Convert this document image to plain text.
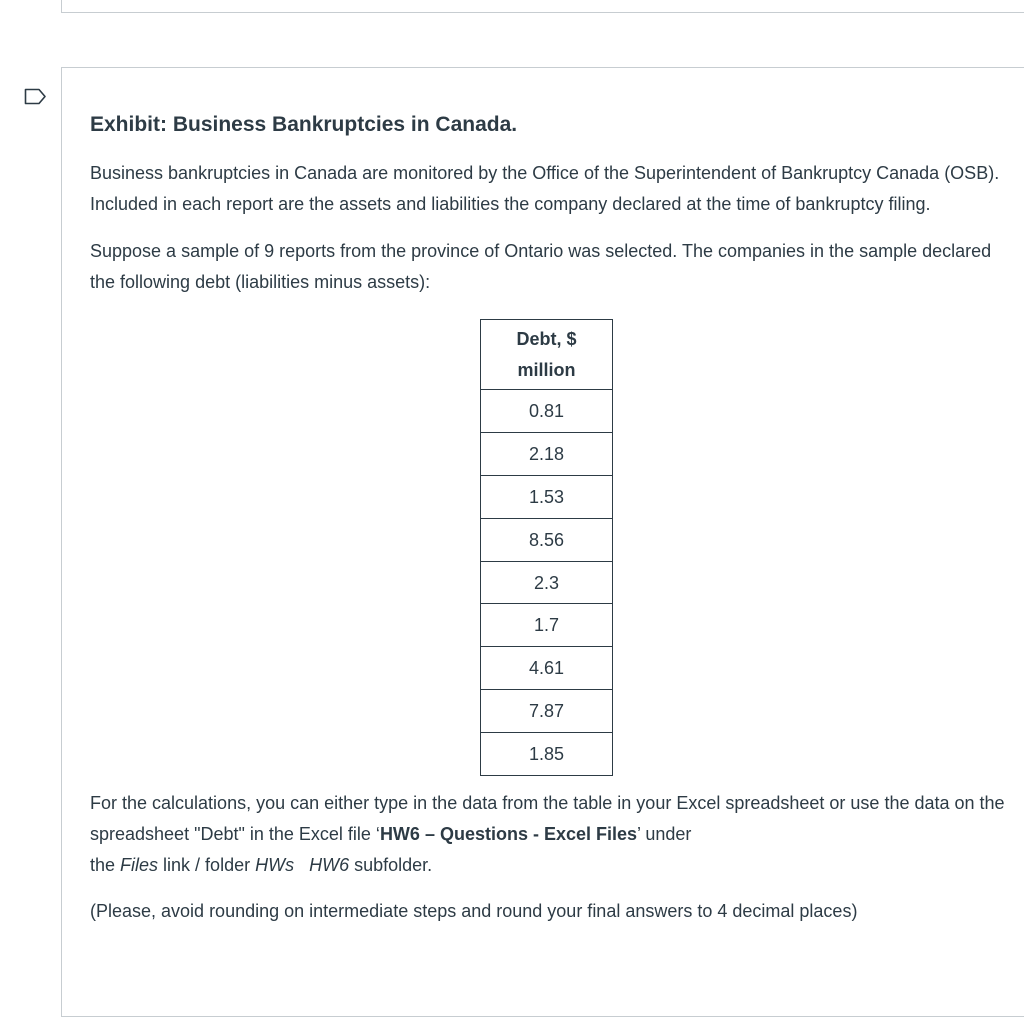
Exhibit: Business Bankruptcies in Canada.

Business bankruptcies in Canada are monitored by the Office of the Superintendent of Bankruptcy Canada (OSB). Included in each report are the assets and liabilities the company declared at the time of bankruptcy filing.

Suppose a sample of 9 reports from the province of Ontario was selected. The companies in the sample declared the following debt (liabilities minus assets):

Debt, $
million
0.81
2.18
1.53
8.56
2.3
1.7
4.61
7.87
1.85

For the calculations, you can either type in the data from the table in your Excel spreadsheet or use the data on the spreadsheet "Debt" in the Excel file ‘HW6 – Questions - Excel Files’ under
the Files link / folder HWs HW6 subfolder.

(Please, avoid rounding on intermediate steps and round your final answers to 4 decimal places)
